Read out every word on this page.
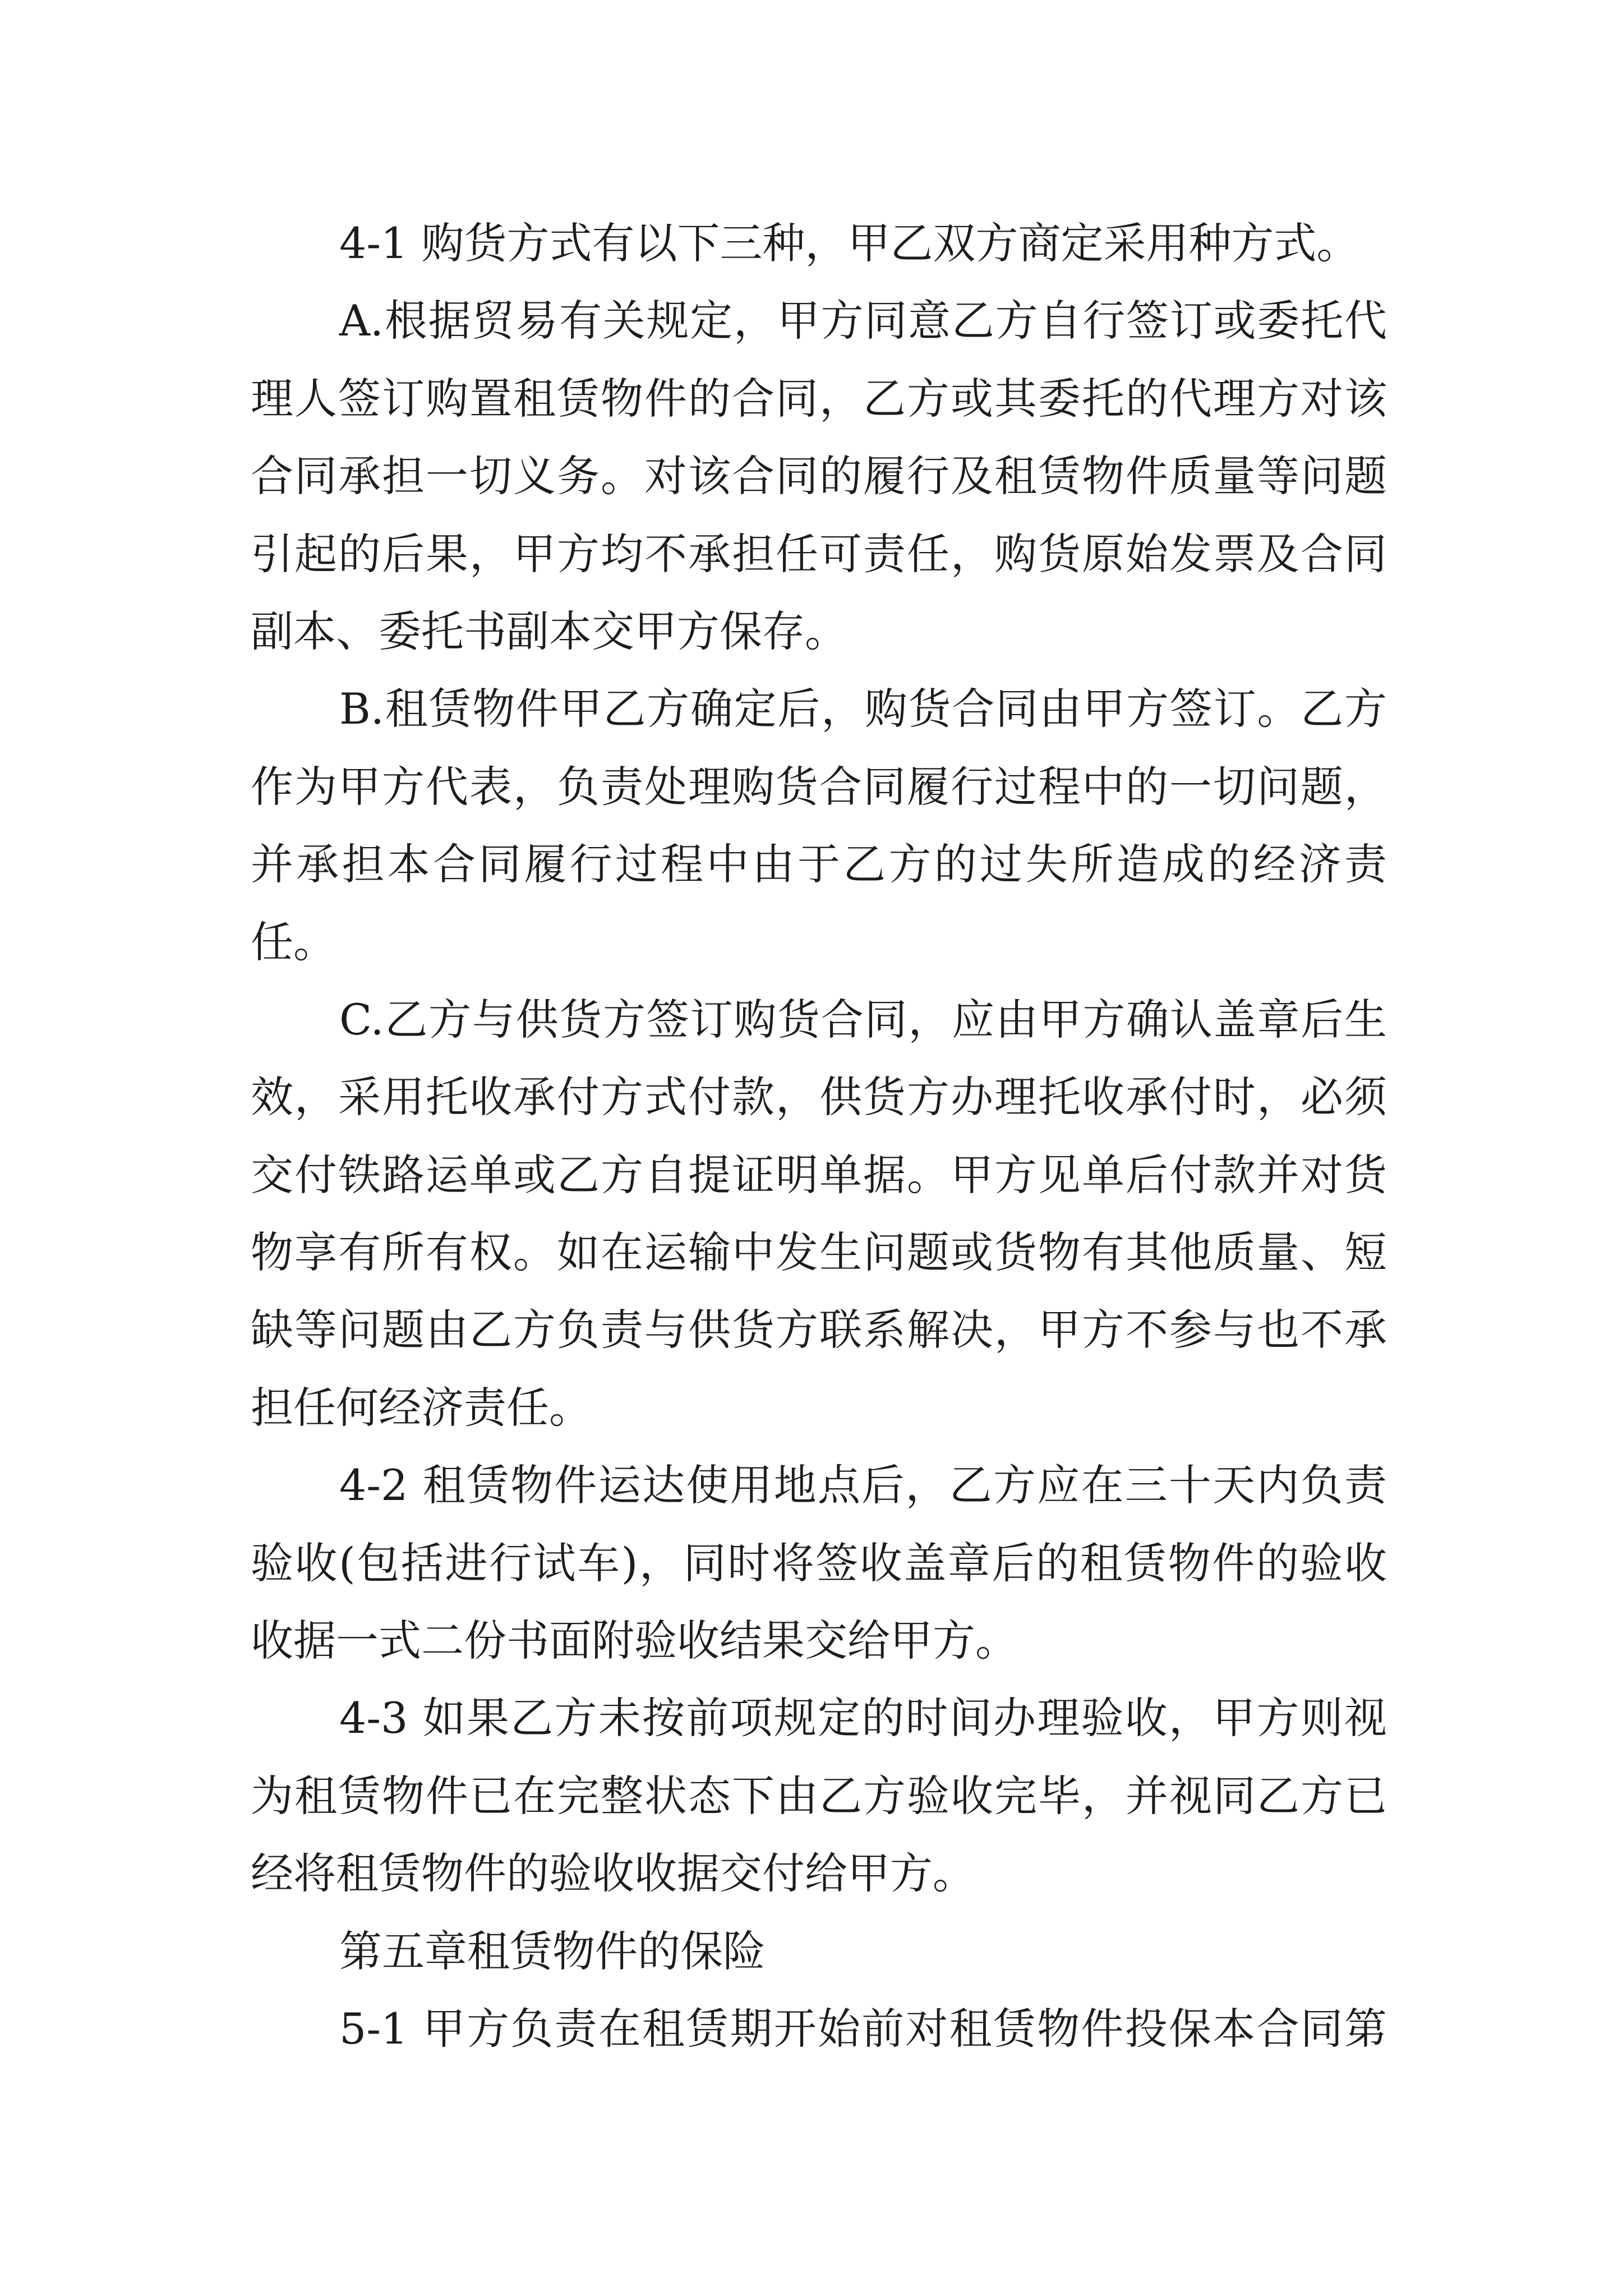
4-1 购货方式有以下三种，甲乙双方商定采用种方式。
A.根据贸易有关规定，甲方同意乙方自行签订或委托代
理人签订购置租赁物件的合同，乙方或其委托的代理方对该
合同承担一切义务。对该合同的履行及租赁物件质量等问题
引起的后果，甲方均不承担任可责任，购货原始发票及合同
副本、委托书副本交甲方保存。
B.租赁物件甲乙方确定后，购货合同由甲方签订。乙方
作为甲方代表，负责处理购货合同履行过程中的一切问题，
并承担本合同履行过程中由于乙方的过失所造成的经济责
任。
C.乙方与供货方签订购货合同，应由甲方确认盖章后生
效，采用托收承付方式付款，供货方办理托收承付时，必须
交付铁路运单或乙方自提证明单据。甲方见单后付款并对货
物享有所有权。如在运输中发生问题或货物有其他质量、短
缺等问题由乙方负责与供货方联系解决，甲方不参与也不承
担任何经济责任。
4-2 租赁物件运达使用地点后，乙方应在三十天内负责
验收(包括进行试车)，同时将签收盖章后的租赁物件的验收
收据一式二份书面附验收结果交给甲方。
4-3 如果乙方未按前项规定的时间办理验收，甲方则视
为租赁物件已在完整状态下由乙方验收完毕，并视同乙方已
经将租赁物件的验收收据交付给甲方。
第五章租赁物件的保险
5-1 甲方负责在租赁期开始前对租赁物件投保本合同第
